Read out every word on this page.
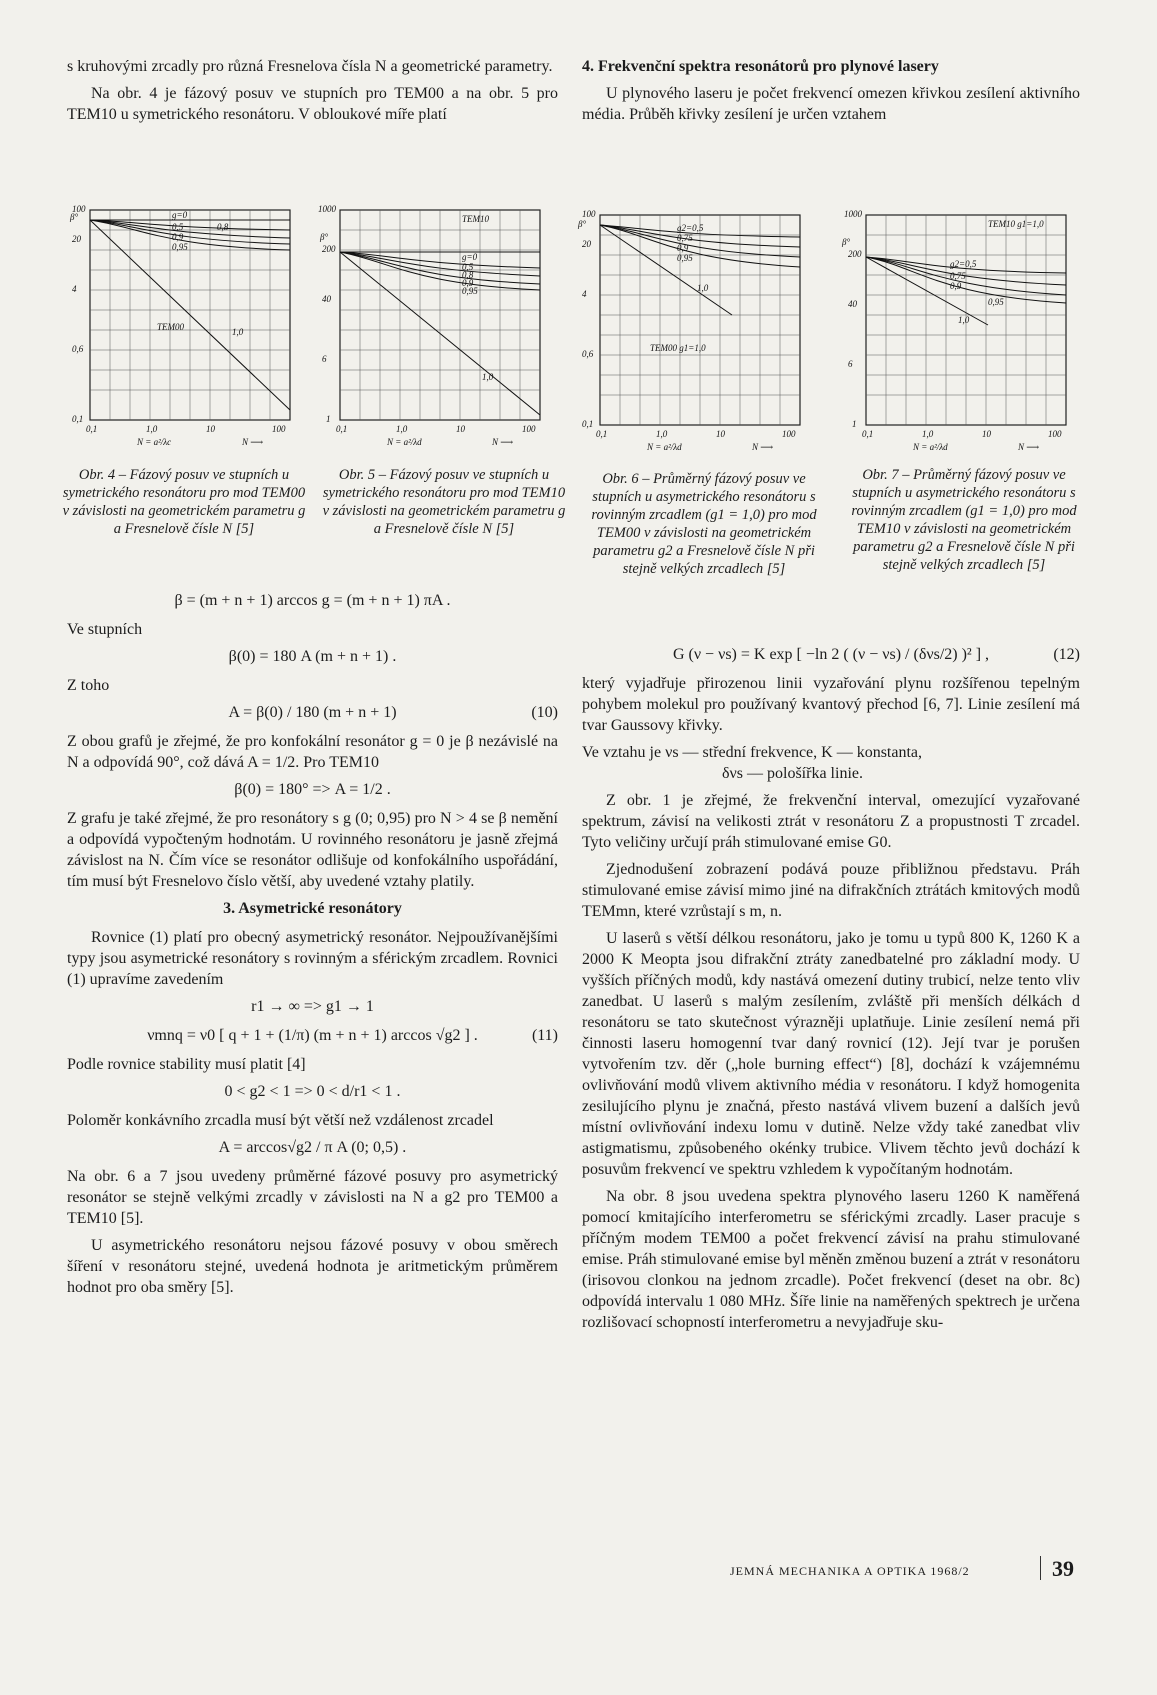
s kruhovými zrcadly pro různá Fresnelova čísla N a geometrické parametry.

Na obr. 4 je fázový posuv ve stupních pro TEM00 a na obr. 5 pro TEM10 u symetrického resonátoru. V obloukové míře platí

4. Frekvenční spektra resonátorů pro plynové lasery

U plynového laseru je počet frekvencí omezen křivkou zesílení aktivního média. Průběh křivky zesílení je určen vztahem

g=0
0,5	0,8
0,9
0,95
TEM00	1,0
β°
100
20
4
0,6
0,1
0,1	1,0	10	100
N = a²/λc	N ⟶
Obr. 4 – Fázový posuv ve stupních u symetrického resonátoru pro mod TEM00 v závislosti na geometrickém parametru g a Fresnelově čísle N [5]
TEM10
g=0
0,5
0,8
0,9
0,95
1,0
β°
1000
200
40
6
1
0,1	1,0	10	100
N = a²/λd	N ⟶
Obr. 5 – Fázový posuv ve stupních u symetrického resonátoru pro mod TEM10 v závislosti na geometrickém parametru g a Fresnelově čísle N [5]
g2=0,5
0,75
0,9
0,95
1,0
TEM00 g1=1,0
β°
100
20
4
0,6
0,1
0,1	1,0	10	100
N = a²/λd	N ⟶
Obr. 6 – Průměrný fázový posuv ve stupních u asymetrického resonátoru s rovinným zrcadlem (g1 = 1,0) pro mod TEM00 v závislosti na geometrickém parametru g2 a Fresnelově čísle N při stejně velkých zrcadlech [5]
TEM10 g1=1,0
g2=0,5
0,75
0,9
0,95
1,0
β°
1000
200
40
6
1
0,1	1,0	10	100
N = a²/λd	N ⟶
Obr. 7 – Průměrný fázový posuv ve stupních u asymetrického resonátoru s rovinným zrcadlem (g1 = 1,0) pro mod TEM10 v závislosti na geometrickém parametru g2 a Fresnelově čísle N při stejně velkých zrcadlech [5]
β = (m + n + 1) arccos g = (m + n + 1) πA .

Ve stupních

β(0) = 180 A (m + n + 1) .

Z toho

A = β(0) / 180 (m + n + 1)	(10)

Z obou grafů je zřejmé, že pro konfokální resonátor g = 0 je β nezávislé na N a odpovídá 90°, což dává A = 1/2. Pro TEM10

β(0) = 180° => A = 1/2 .

Z grafu je také zřejmé, že pro resonátory s g (0; 0,95) pro N > 4 se β nemění a odpovídá vypočteným hodnotám. U rovinného resonátoru je jasně zřejmá závislost na N. Čím více se resonátor odlišuje od konfokálního uspořádání, tím musí být Fresnelovo číslo větší, aby uvedené vztahy platily.

3. Asymetrické resonátory

Rovnice (1) platí pro obecný asymetrický resonátor. Nejpoužívanějšími typy jsou asymetrické resonátory s rovinným a sférickým zrcadlem. Rovnici (1) upravíme zavedením

r1 → ∞ => g1 → 1
νmnq = ν0 [ q + 1 + (1/π) (m + n + 1) arccos √g2 ] .	(11)

Podle rovnice stability musí platit [4]

0 < g2 < 1 => 0 < d/r1 < 1 .

Poloměr konkávního zrcadla musí být větší než vzdálenost zrcadel

A = arccos√g2 / π A (0; 0,5) .

Na obr. 6 a 7 jsou uvedeny průměrné fázové posuvy pro asymetrický resonátor se stejně velkými zrcadly v závislosti na N a g2 pro TEM00 a TEM10 [5].

U asymetrického resonátoru nejsou fázové posuvy v obou směrech šíření v resonátoru stejné, uvedená hodnota je aritmetickým průměrem hodnot pro oba směry [5].

G (ν − νs) = K exp [ −ln 2 ( (ν − νs) / (δνs/2) )² ] ,	(12)

který vyjadřuje přirozenou linii vyzařování plynu rozšířenou tepelným pohybem molekul pro používaný kvantový přechod [6, 7]. Linie zesílení má tvar Gaussovy křivky.

Ve vztahu je νs — střední frekvence, K — konstanta,

δνs — pološířka linie.

Z obr. 1 je zřejmé, že frekvenční interval, omezující vyzařované spektrum, závisí na velikosti ztrát v resonátoru Z a propustnosti T zrcadel. Tyto veličiny určují práh stimulované emise G0.

Zjednodušení zobrazení podává pouze přibližnou představu. Práh stimulované emise závisí mimo jiné na difrakčních ztrátách kmitových modů TEMmn, které vzrůstají s m, n.

U laserů s větší délkou resonátoru, jako je tomu u typů 800 K, 1260 K a 2000 K Meopta jsou difrakční ztráty zanedbatelné pro základní mody. U vyšších příčných modů, kdy nastává omezení dutiny trubicí, nelze tento vliv zanedbat. U laserů s malým zesílením, zvláště při menších délkách d resonátoru se tato skutečnost výrazněji uplatňuje. Linie zesílení nemá při činnosti laseru homogenní tvar daný rovnicí (12). Její tvar je porušen vytvořením tzv. děr („hole burning effect“) [8], dochází k vzájemnému ovlivňování modů vlivem aktivního média v resonátoru. I když homogenita zesilujícího plynu je značná, přesto nastává vlivem buzení a dalších jevů místní ovlivňování indexu lomu v dutině. Nelze vždy také zanedbat vliv astigmatismu, způsobeného okénky trubice. Vlivem těchto jevů dochází k posuvům frekvencí ve spektru vzhledem k vypočítaným hodnotám.

Na obr. 8 jsou uvedena spektra plynového laseru 1260 K naměřená pomocí kmitajícího interferometru se sférickými zrcadly. Laser pracuje s příčným modem TEM00 a počet frekvencí závisí na prahu stimulované emise. Práh stimulované emise byl měněn změnou buzení a ztrát v resonátoru (irisovou clonkou na jednom zrcadle). Počet frekvencí (deset na obr. 8c) odpovídá intervalu 1 080 MHz. Šíře linie na naměřených spektrech je určena rozlišovací schopností interferometru a nevyjadřuje sku-

JEMNÁ MECHANIKA A OPTIKA 1968/2	39
